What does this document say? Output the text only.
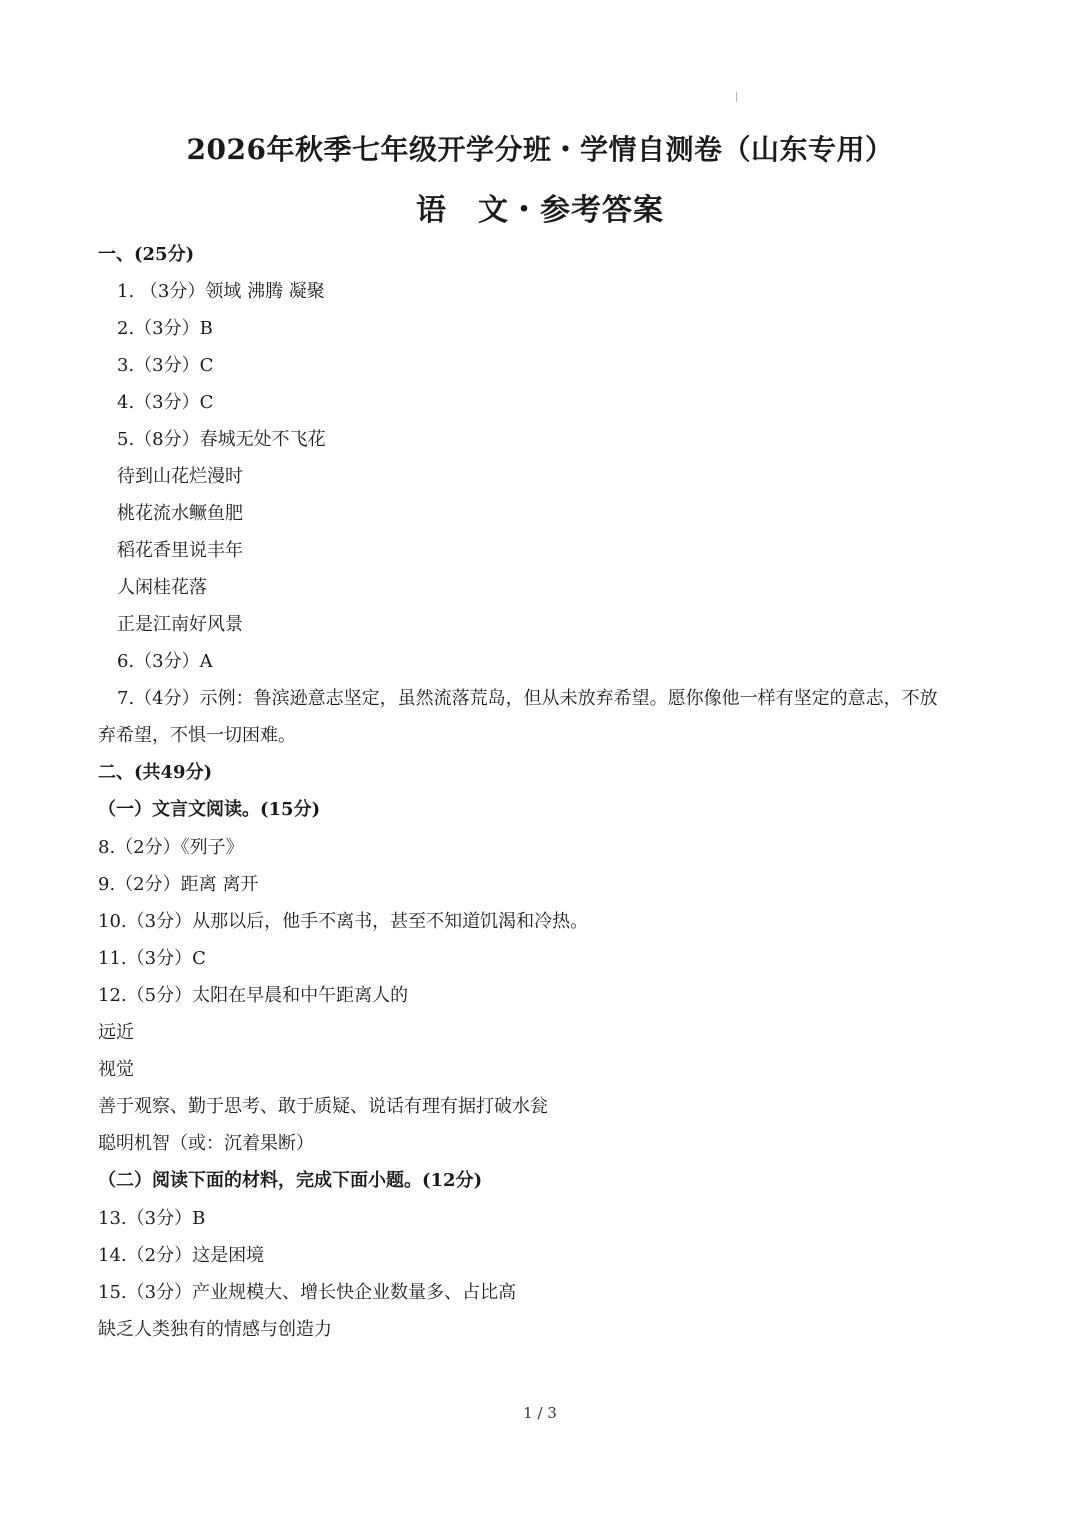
2026年秋季七年级开学分班・学情自测卷（山东专用）
语　文・参考答案
一、(25分)
1. （3分）领域 沸腾 凝聚
2.（3分）B
3.（3分）C
4.（3分）C
5.（8分）春城无处不飞花
待到山花烂漫时
桃花流水鳜鱼肥
稻花香里说丰年
人闲桂花落
正是江南好风景
6.（3分）A
7.（4分）示例：鲁滨逊意志坚定，虽然流落荒岛，但从未放弃希望。愿你像他一样有坚定的意志，不放
弃希望，不惧一切困难。
二、(共49分)
（一）文言文阅读。(15分)
8.（2分）《列子》
9.（2分）距离 离开
10.（3分）从那以后，他手不离书，甚至不知道饥渴和冷热。
11.（3分）C
12.（5分）太阳在早晨和中午距离人的
远近
视觉
善于观察、勤于思考、敢于质疑、说话有理有据打破水瓮
聪明机智（或：沉着果断）
（二）阅读下面的材料，完成下面小题。(12分)
13.（3分）B
14.（2分）这是困境
15.（3分）产业规模大、增长快企业数量多、占比高
缺乏人类独有的情感与创造力
1 / 3
